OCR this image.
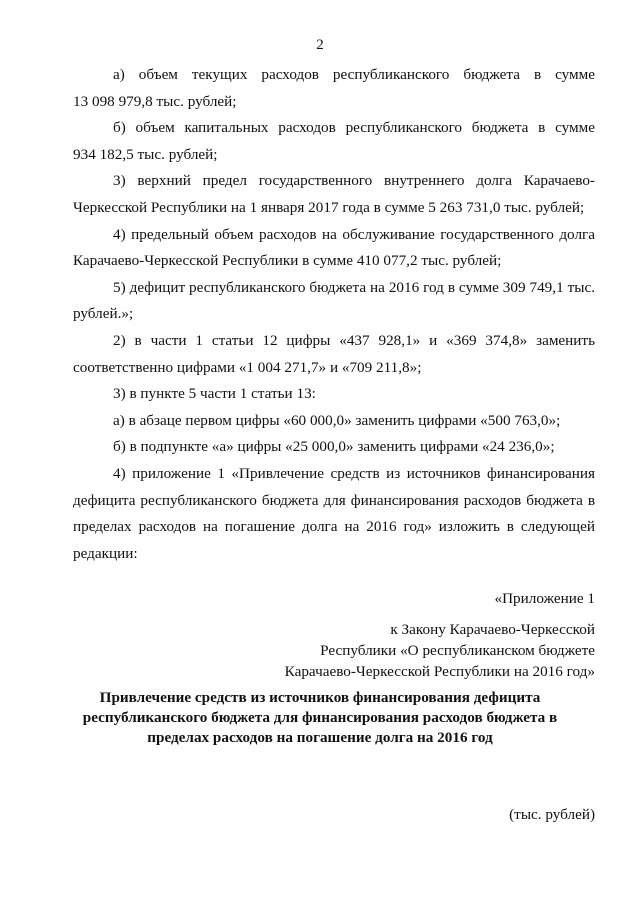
2
а) объем текущих расходов республиканского бюджета в сумме
13 098 979,8 тыс. рублей;
б) объем капитальных расходов республиканского бюджета в сумме
934 182,5 тыс. рублей;
3) верхний предел государственного внутреннего долга Карачаево-
Черкесской Республики на 1 января 2017 года в сумме 5 263 731,0 тыс. рублей;
4) предельный объем расходов на обслуживание государственного долга
Карачаево-Черкесской Республики в сумме 410 077,2 тыс. рублей;
5) дефицит республиканского бюджета на 2016 год в сумме 309 749,1 тыс.
рублей.»;
2) в части 1 статьи 12 цифры «437 928,1» и «369 374,8» заменить
соответственно цифрами «1 004 271,7» и «709 211,8»;
3) в пункте 5 части 1 статьи 13:
а) в абзаце первом цифры «60 000,0» заменить цифрами «500 763,0»;
б) в подпункте «а» цифры «25 000,0» заменить цифрами «24 236,0»;
4) приложение 1 «Привлечение средств из источников финансирования
дефицита республиканского бюджета для финансирования расходов бюджета в
пределах расходов на погашение долга на 2016 год» изложить в следующей
редакции:
«Приложение 1
к Закону Карачаево-Черкесской
Республики «О республиканском бюджете
Карачаево-Черкесской Республики на 2016 год»
Привлечение средств из источников финансирования дефицита
республиканского бюджета для финансирования расходов бюджета в
пределах расходов на погашение долга на 2016 год
(тыс. рублей)
